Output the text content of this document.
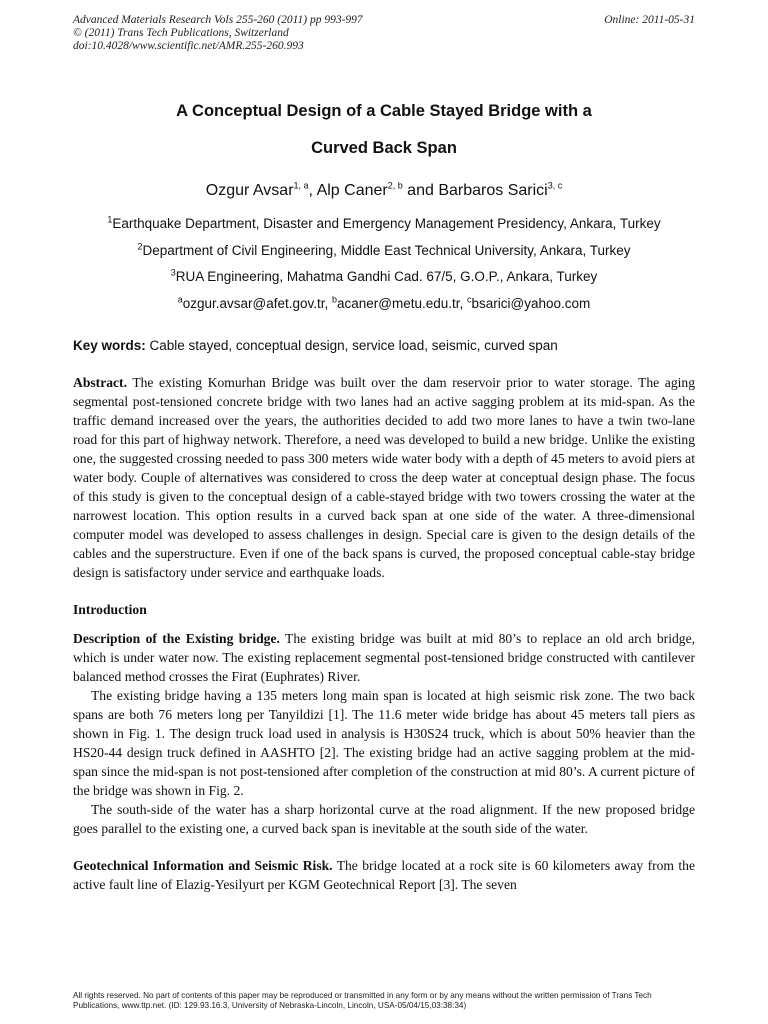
Advanced Materials Research Vols 255-260 (2011) pp 993-997
© (2011) Trans Tech Publications, Switzerland
doi:10.4028/www.scientific.net/AMR.255-260.993
Online: 2011-05-31
A Conceptual Design of a Cable Stayed Bridge with a
Curved Back Span
Ozgur Avsar$^{1, a}$, Alp Caner$^{2, b}$ and Barbaros Sarici$^{3, c}$
$^1$Earthquake Department, Disaster and Emergency Management Presidency, Ankara, Turkey
$^2$Department of Civil Engineering, Middle East Technical University, Ankara, Turkey
$^3$RUA Engineering, Mahatma Gandhi Cad. 67/5, G.O.P., Ankara, Turkey
$^a$ozgur.avsar@afet.gov.tr, $^b$acaner@metu.edu.tr, $^c$bsarici@yahoo.com
Key words: Cable stayed, conceptual design, service load, seismic, curved span

Abstract. The existing Komurhan Bridge was built over the dam reservoir prior to water storage. The aging segmental post-tensioned concrete bridge with two lanes had an active sagging problem at its mid-span. As the traffic demand increased over the years, the authorities decided to add two more lanes to have a twin two-lane road for this part of highway network. Therefore, a need was developed to build a new bridge. Unlike the existing one, the suggested crossing needed to pass 300 meters wide water body with a depth of 45 meters to avoid piers at water body. Couple of alternatives was considered to cross the deep water at conceptual design phase. The focus of this study is given to the conceptual design of a cable-stayed bridge with two towers crossing the water at the narrowest location. This option results in a curved back span at one side of the water. A three-dimensional computer model was developed to assess challenges in design. Special care is given to the design details of the cables and the superstructure. Even if one of the back spans is curved, the proposed conceptual cable-stay bridge design is satisfactory under service and earthquake loads.

Introduction

Description of the Existing bridge. The existing bridge was built at mid 80’s to replace an old arch bridge, which is under water now. The existing replacement segmental post-tensioned bridge constructed with cantilever balanced method crosses the Firat (Euphrates) River.

The existing bridge having a 135 meters long main span is located at high seismic risk zone. The two back spans are both 76 meters long per Tanyildizi [1]. The 11.6 meter wide bridge has about 45 meters tall piers as shown in Fig. 1. The design truck load used in analysis is H30S24 truck, which is about 50% heavier than the HS20-44 design truck defined in AASHTO [2]. The existing bridge had an active sagging problem at the mid-span since the mid-span is not post-tensioned after completion of the construction at mid 80’s. A current picture of the bridge was shown in Fig. 2.

The south-side of the water has a sharp horizontal curve at the road alignment. If the new proposed bridge goes parallel to the existing one, a curved back span is inevitable at the south side of the water.

Geotechnical Information and Seismic Risk. The bridge located at a rock site is 60 kilometers away from the active fault line of Elazig-Yesilyurt per KGM Geotechnical Report [3]. The seven

All rights reserved. No part of contents of this paper may be reproduced or transmitted in any form or by any means without the written permission of Trans Tech Publications, www.ttp.net. (ID: 129.93.16.3, University of Nebraska-Lincoln, Lincoln, USA-05/04/15,03:38:34)
